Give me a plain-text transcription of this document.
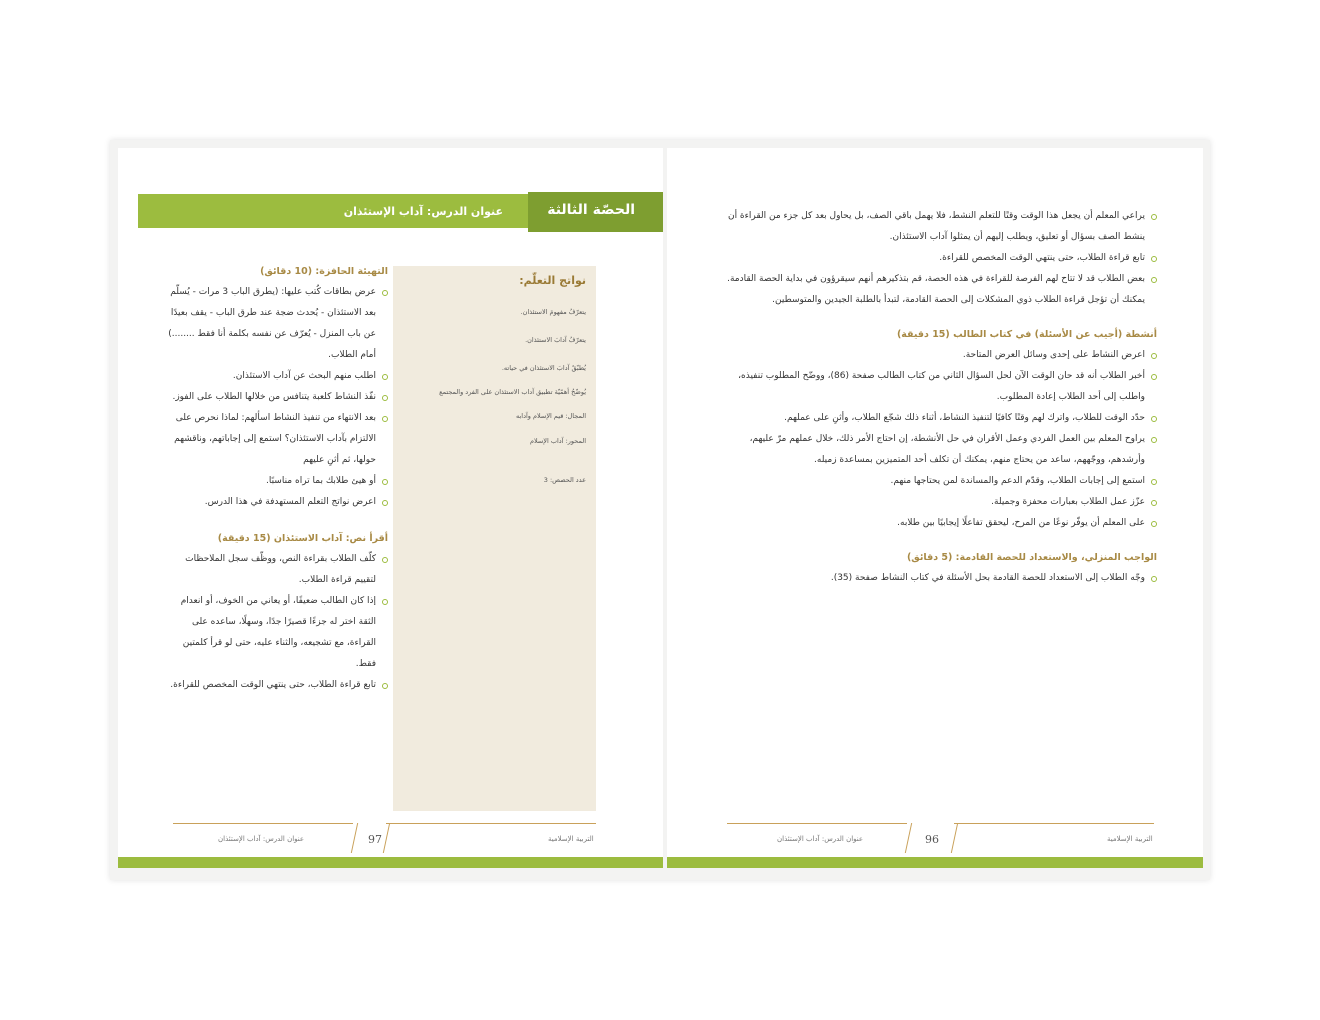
الحصّة الثالثة
عنوان الدرس: آداب الإستئذان
نواتج التعلّم:
يتعرّفُ مفهومَ الاستئذان.
يتعرّفُ آدابَ الاستئذان.
يُطبّقُ آدابَ الاستئذان في حياته.
يُوضّحُ أهمّيّة تطبيق آداب الاستئذان على الفرد والمجتمع
المجال: قيم الإسلام وآدابه
المحور: آداب الإسلام
عدد الحصص: 3
التهيئة الحافزة: (10 دقائق)
عرض بطاقات كُتب عليها: (يطرق الباب 3 مرات - يُسلّم بعد الاستئذان - يُحدث ضجة عند طرق الباب - يقف بعيدًا عن باب المنزل - يُعرّف عن نفسه بكلمة أنا فقط ........) أمام الطلاب.
اطلب منهم البحث عن آداب الاستئذان.
نفّذ النشاط كلعبة يتنافس من خلالها الطلاب على الفوز.
بعد الانتهاء من تنفيذ النشاط اسألهم: لماذا نحرص على الالتزام بآداب الاستئذان؟ استمع إلى إجاباتهم، وناقشهم حولها، ثم أثنِ عليهم
أو هيئ طلابك بما تراه مناسبًا.
اعرض نواتج التعلم المستهدفة في هذا الدرس.
أقرأ نص: آداب الاستئذان (15 دقيقة)
كلّف الطلاب بقراءة النص، ووظّف سجل الملاحظات لتقييم قراءة الطلاب.
إذا كان الطالب ضعيفًا، أو يعاني من الخوف، أو انعدام الثقة اختر له جزءًا قصيرًا جدًا، وسهلًا، ساعده على القراءة، مع تشجيعه، والثناء عليه، حتى لو قرأ كلمتين فقط.
تابع قراءة الطلاب، حتى ينتهي الوقت المخصص للقراءة.
عنوان الدرس: آداب الإستئذان	97	التربية الإسلامية
يراعي المعلم أن يجعل هذا الوقت وقتًا للتعلم النشط، فلا يهمل باقي الصف، بل يحاول بعد كل جزء من القراءة أن ينشط الصف بسؤال أو تعليق، ويطلب إليهم أن يمثلوا آداب الاستئذان.
تابع قراءة الطلاب، حتى ينتهي الوقت المخصص للقراءة.
بعض الطلاب قد لا تتاح لهم الفرصة للقراءة في هذه الحصة، قم بتذكيرهم أنهم سيقرؤون في بداية الحصة القادمة. يمكنك أن تؤجل قراءة الطلاب ذوي المشكلات إلى الحصة القادمة، لتبدأ بالطلبة الجيدين والمتوسطين.
أنشطة (أجيب عن الأسئلة) في كتاب الطالب (15 دقيقة)
اعرض النشاط على إحدى وسائل العرض المتاحة.
أخبر الطلاب أنه قد حان الوقت الآن لحل السؤال الثاني من كتاب الطالب صفحة (86)، ووضّح المطلوب تنفيذه، واطلب إلى أحد الطلاب إعادة المطلوب.
حدّد الوقت للطلاب، واترك لهم وقتًا كافيًا لتنفيذ النشاط، أثناء ذلك شجّع الطلاب، وأثنِ على عملهم.
يراوح المعلم بين العمل الفردي وعمل الأقران في حل الأنشطة، إن احتاج الأمر ذلك، خلال عملهم مرّ عليهم، وأرشدهم، ووجّههم، ساعد من يحتاج منهم، يمكنك أن تكلف أحد المتميزين بمساعدة زميله.
استمع إلى إجابات الطلاب، وقدّم الدعم والمساندة لمن يحتاجها منهم.
عزّز عمل الطلاب بعبارات محفزة وجميلة.
على المعلم أن يوفّر نوعًا من المرح، ليحقق تفاعلًا إيجابيًا بين طلابه.
الواجب المنزلي، والاستعداد للحصة القادمة: (5 دقائق)
وجّه الطلاب إلى الاستعداد للحصة القادمة بحل الأسئلة في كتاب النشاط صفحة (35).
عنوان الدرس: آداب الإستئذان	96	التربية الإسلامية
